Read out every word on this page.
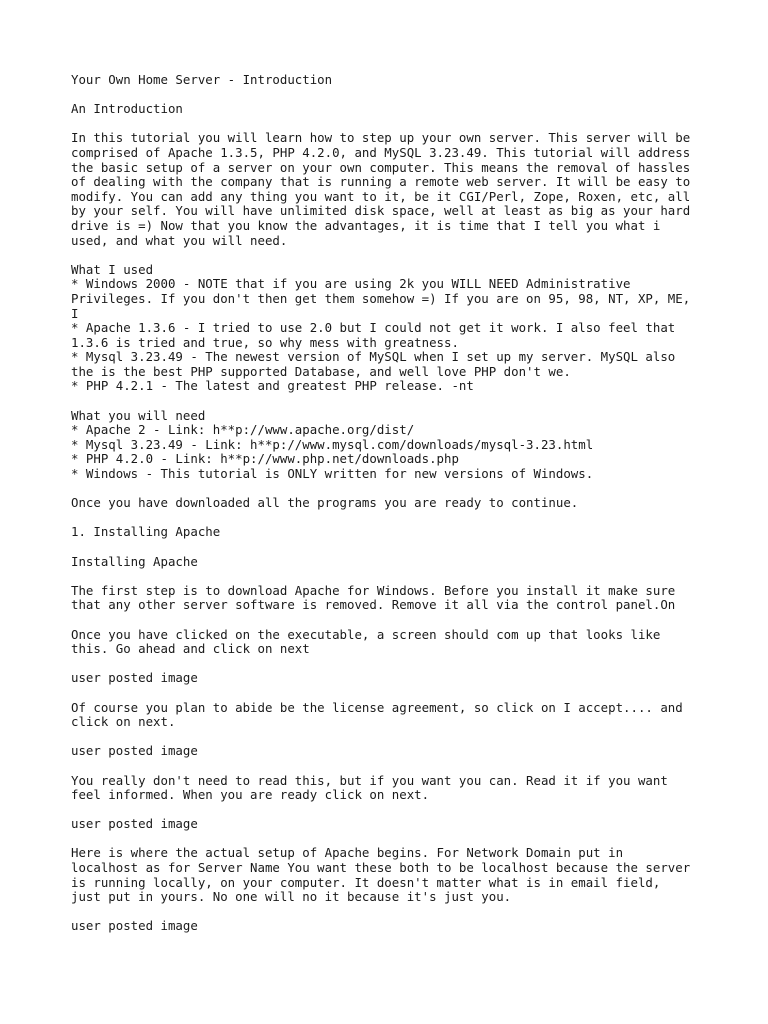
Your Own Home Server - Introduction
An Introduction
In this tutorial you will learn how to step up your own server. This server will be
comprised of Apache 1.3.5, PHP 4.2.0, and MySQL 3.23.49. This tutorial will address
the basic setup of a server on your own computer. This means the removal of hassles
of dealing with the company that is running a remote web server. It will be easy to
modify. You can add any thing you want to it, be it CGI/Perl, Zope, Roxen, etc, all
by your self. You will have unlimited disk space, well at least as big as your hard
drive is =) Now that you know the advantages, it is time that I tell you what i
used, and what you will need.
What I used
* Windows 2000 - NOTE that if you are using 2k you WILL NEED Administrative
Privileges. If you don't then get them somehow =) If you are on 95, 98, NT, XP, ME,
I
* Apache 1.3.6 - I tried to use 2.0 but I could not get it work. I also feel that
1.3.6 is tried and true, so why mess with greatness.
* Mysql 3.23.49 - The newest version of MySQL when I set up my server. MySQL also
the is the best PHP supported Database, and well love PHP don't we.
* PHP 4.2.1 - The latest and greatest PHP release. -nt
What you will need
* Apache 2 - Link: h**p://www.apache.org/dist/
* Mysql 3.23.49 - Link: h**p://www.mysql.com/downloads/mysql-3.23.html
* PHP 4.2.0 - Link: h**p://www.php.net/downloads.php
* Windows - This tutorial is ONLY written for new versions of Windows.
Once you have downloaded all the programs you are ready to continue.
1. Installing Apache
Installing Apache
The first step is to download Apache for Windows. Before you install it make sure
that any other server software is removed. Remove it all via the control panel.On
Once you have clicked on the executable, a screen should com up that looks like
this. Go ahead and click on next
user posted image
Of course you plan to abide be the license agreement, so click on I accept.... and
click on next.
user posted image
You really don't need to read this, but if you want you can. Read it if you want
feel informed. When you are ready click on next.
user posted image
Here is where the actual setup of Apache begins. For Network Domain put in
localhost as for Server Name You want these both to be localhost because the server
is running locally, on your computer. It doesn't matter what is in email field,
just put in yours. No one will no it because it's just you.
user posted image
